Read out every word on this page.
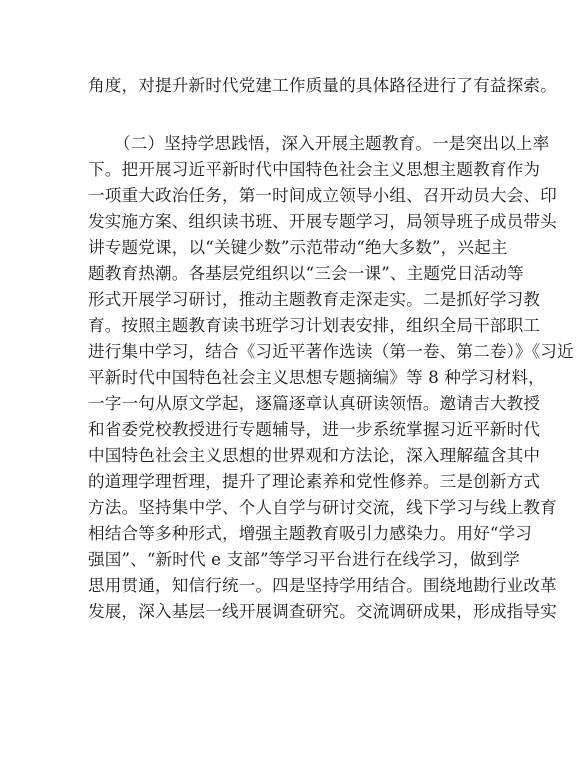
角度，对提升新时代党建工作质量的具体路径进行了有益探索。
（二）坚持学思践悟，深入开展主题教育。一是突出以上率
下。把开展习近平新时代中国特色社会主义思想主题教育作为
一项重大政治任务，第一时间成立领导小组、召开动员大会、印
发实施方案、组织读书班、开展专题学习，局领导班子成员带头
讲专题党课，以“关键少数”示范带动“绝大多数”，兴起主
题教育热潮。各基层党组织以“三会一课”、主题党日活动等
形式开展学习研讨，推动主题教育走深走实。二是抓好学习教
育。按照主题教育读书班学习计划表安排，组织全局干部职工
进行集中学习，结合《习近平著作选读（第一卷、第二卷）》《习近
平新时代中国特色社会主义思想专题摘编》等 8 种学习材料，
一字一句从原文学起，逐篇逐章认真研读领悟。邀请吉大教授
和省委党校教授进行专题辅导，进一步系统掌握习近平新时代
中国特色社会主义思想的世界观和方法论，深入理解蕴含其中
的道理学理哲理，提升了理论素养和党性修养。三是创新方式
方法。坚持集中学、个人自学与研讨交流，线下学习与线上教育
相结合等多种形式，增强主题教育吸引力感染力。用好“学习
强国”、“新时代 e 支部”等学习平台进行在线学习，做到学
思用贯通，知信行统一。四是坚持学用结合。围绕地勘行业改革
发展，深入基层一线开展调查研究。交流调研成果，形成指导实
